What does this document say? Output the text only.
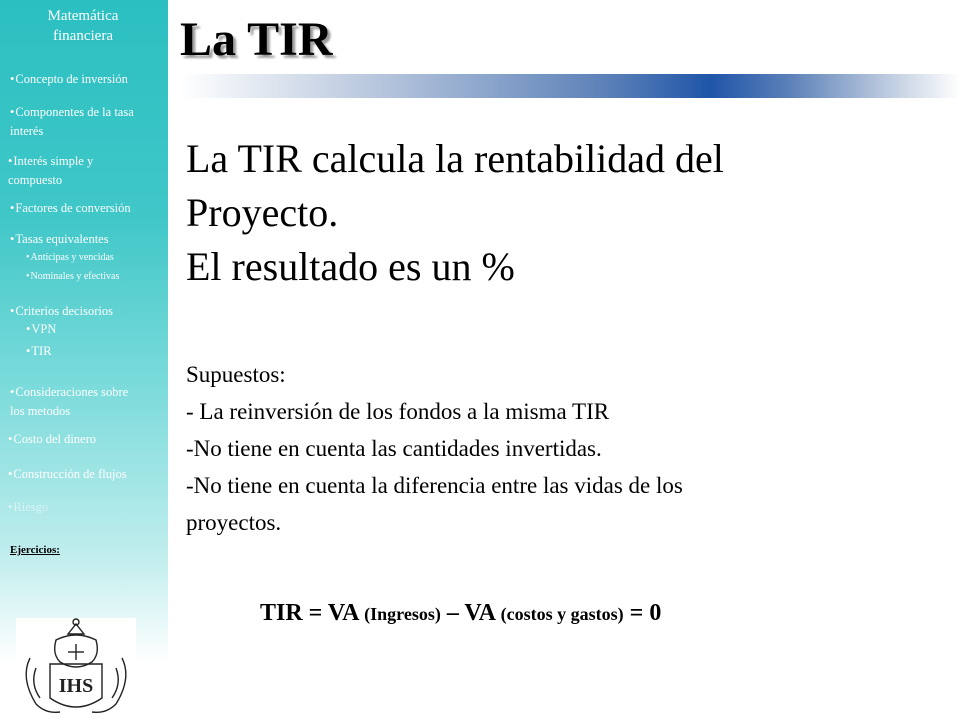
Matemática
financiera
• Concepto de inversión
• Componentes de la tasa
interés
• Interés simple y
compuesto
• Factores de conversión
• Tasas equivalentes
• Anticipas y vencidas
• Nominales y efectivas
• Criterios decisorios
• VPN
• TIR
• Consideraciones sobre
los metodos
• Costo del dinero
• Construcción de flujos
• Riesgo
Ejercicios:
IHS
La TIR
La TIR calcula la rentabilidad del
Proyecto.
El resultado es un %
Supuestos:
- La reinversión de los fondos a la misma TIR
-No tiene en cuenta las cantidades invertidas.
-No tiene en cuenta la diferencia entre las vidas de los
proyectos.
TIR = VA (Ingresos) – VA (costos y gastos) = 0
